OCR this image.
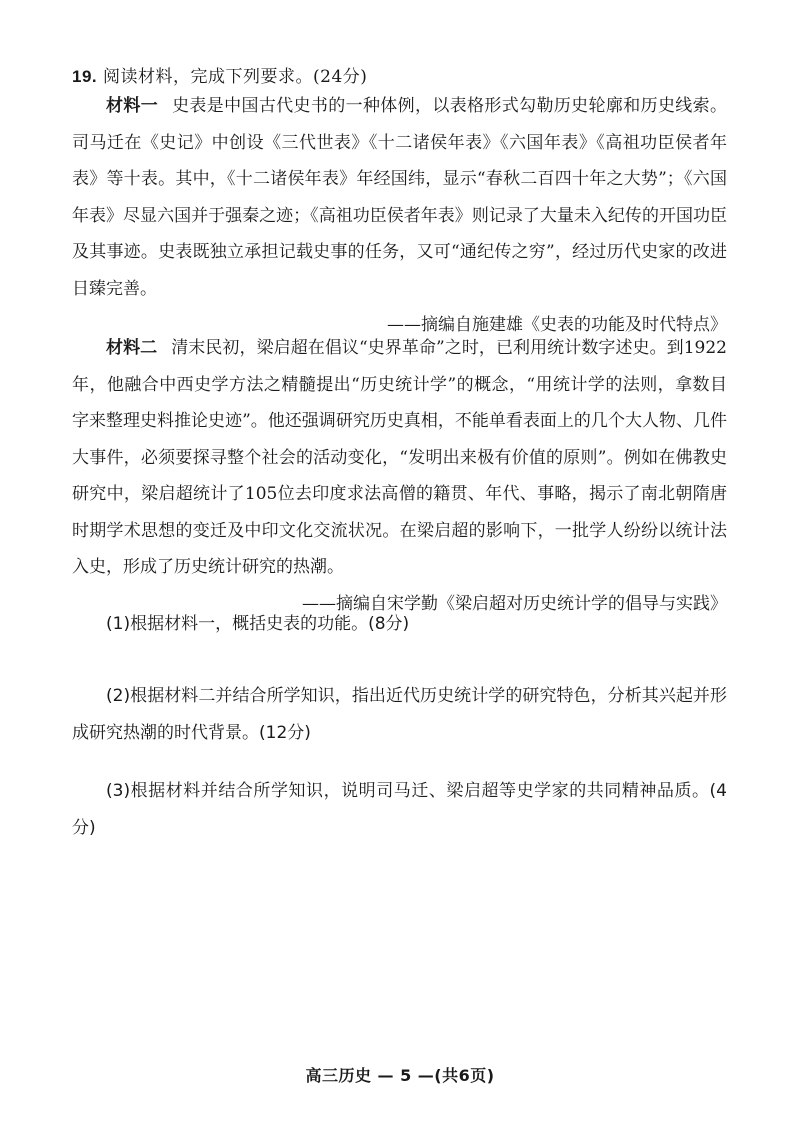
19. 阅读材料，完成下列要求。(24分)

材料一 史表是中国古代史书的一种体例，以表格形式勾勒历史轮廓和历史线索。司马迁在《史记》中创设《三代世表》《十二诸侯年表》《六国年表》《高祖功臣侯者年表》等十表。其中，《十二诸侯年表》年经国纬，显示“春秋二百四十年之大势”；《六国年表》尽显六国并于强秦之迹；《高祖功臣侯者年表》则记录了大量未入纪传的开国功臣及其事迹。史表既独立承担记载史事的任务，又可“通纪传之穷”，经过历代史家的改进日臻完善。

——摘编自施建雄《史表的功能及时代特点》

材料二 清末民初，梁启超在倡议“史界革命”之时，已利用统计数字述史。到1922年，他融合中西史学方法之精髓提出“历史统计学”的概念，“用统计学的法则，拿数目字来整理史料推论史迹”。他还强调研究历史真相，不能单看表面上的几个大人物、几件大事件，必须要探寻整个社会的活动变化，“发明出来极有价值的原则”。例如在佛教史研究中，梁启超统计了105位去印度求法高僧的籍贯、年代、事略，揭示了南北朝隋唐时期学术思想的变迁及中印文化交流状况。在梁启超的影响下，一批学人纷纷以统计法入史，形成了历史统计研究的热潮。

——摘编自宋学勤《梁启超对历史统计学的倡导与实践》

(1)根据材料一，概括史表的功能。(8分)

(2)根据材料二并结合所学知识，指出近代历史统计学的研究特色，分析其兴起并形成研究热潮的时代背景。(12分)

(3)根据材料并结合所学知识，说明司马迁、梁启超等史学家的共同精神品质。(4分)

高三历史 — 5 —(共6页)
